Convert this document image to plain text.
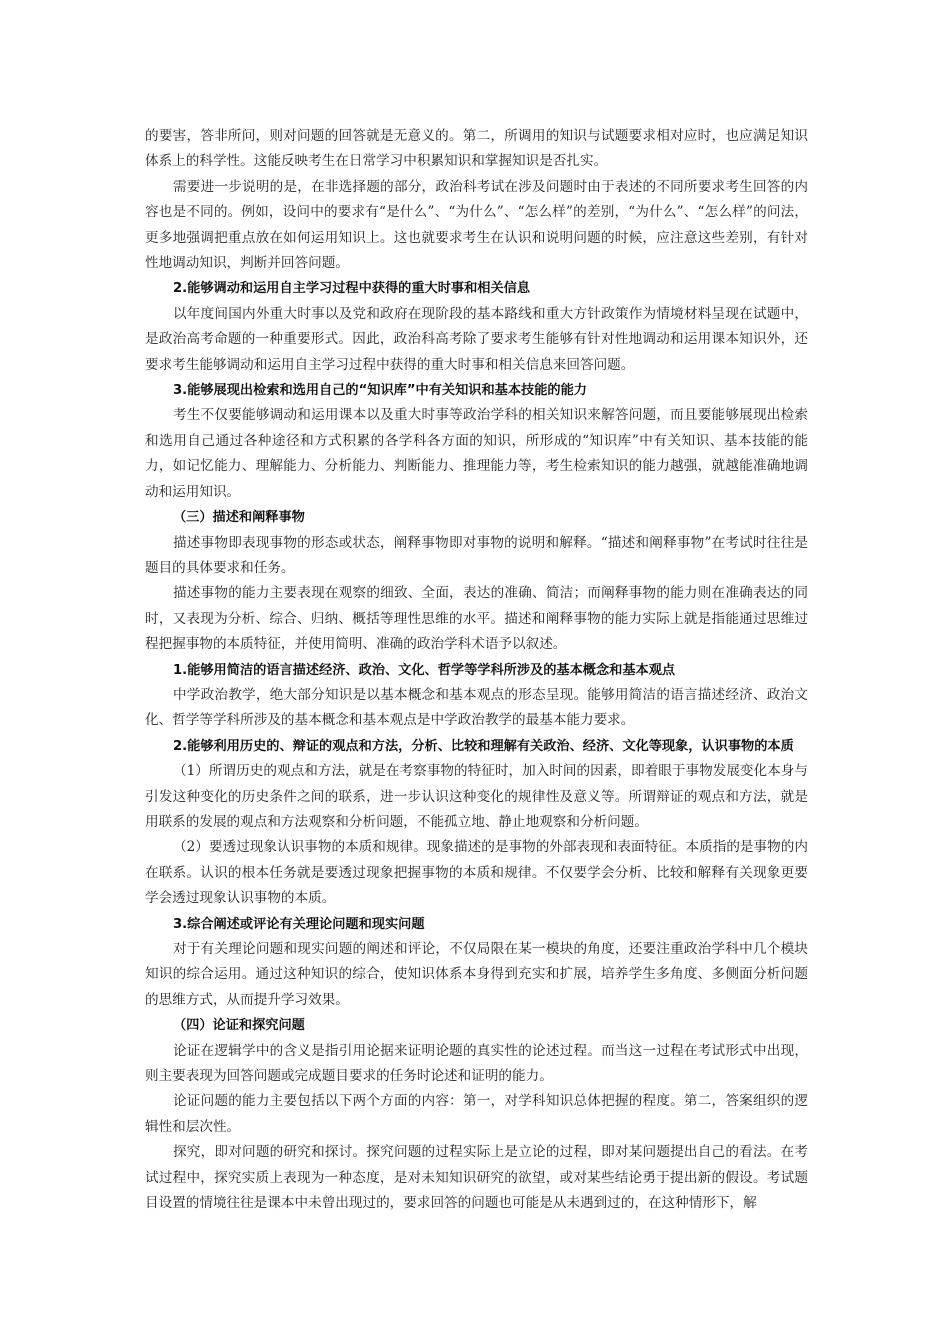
的要害，答非所问，则对问题的回答就是无意义的。第二，所调用的知识与试题要求相对应时，也应满足知识体系上的科学性。这能反映考生在日常学习中积累知识和掌握知识是否扎实。

需要进一步说明的是，在非选择题的部分，政治科考试在涉及问题时由于表述的不同所要求考生回答的内容也是不同的。例如，设问中的要求有“是什么”、“为什么”、“怎么样”的差别，“为什么”、“怎么样”的问法，更多地强调把重点放在如何运用知识上。这也就要求考生在认识和说明问题的时候，应注意这些差别，有针对性地调动知识，判断并回答问题。

2.能够调动和运用自主学习过程中获得的重大时事和相关信息

以年度间国内外重大时事以及党和政府在现阶段的基本路线和重大方针政策作为情境材料呈现在试题中，是政治高考命题的一种重要形式。因此，政治科高考除了要求考生能够有针对性地调动和运用课本知识外，还要求考生能够调动和运用自主学习过程中获得的重大时事和相关信息来回答问题。

3.能够展现出检索和选用自己的“知识库”中有关知识和基本技能的能力

考生不仅要能够调动和运用课本以及重大时事等政治学科的相关知识来解答问题，而且要能够展现出检索和选用自己通过各种途径和方式积累的各学科各方面的知识，所形成的“知识库”中有关知识、基本技能的能力，如记忆能力、理解能力、分析能力、判断能力、推理能力等，考生检索知识的能力越强，就越能准确地调动和运用知识。

（三）描述和阐释事物

描述事物即表现事物的形态或状态，阐释事物即对事物的说明和解释。“描述和阐释事物”在考试时往往是题目的具体要求和任务。

描述事物的能力主要表现在观察的细致、全面，表达的准确、简洁；而阐释事物的能力则在准确表达的同时，又表现为分析、综合、归纳、概括等理性思维的水平。描述和阐释事物的能力实际上就是指能通过思维过程把握事物的本质特征，并使用简明、准确的政治学科术语予以叙述。

1.能够用简洁的语言描述经济、政治、文化、哲学等学科所涉及的基本概念和基本观点

中学政治教学，绝大部分知识是以基本概念和基本观点的形态呈现。能够用简洁的语言描述经济、政治文化、哲学等学科所涉及的基本概念和基本观点是中学政治教学的最基本能力要求。

2.能够利用历史的、辩证的观点和方法，分析、比较和理解有关政治、经济、文化等现象，认识事物的本质

（1）所谓历史的观点和方法，就是在考察事物的特征时，加入时间的因素，即着眼于事物发展变化本身与引发这种变化的历史条件之间的联系，进一步认识这种变化的规律性及意义等。所谓辩证的观点和方法，就是用联系的发展的观点和方法观察和分析问题，不能孤立地、静止地观察和分析问题。

（2）要透过现象认识事物的本质和规律。现象描述的是事物的外部表现和表面特征。本质指的是事物的内在联系。认识的根本任务就是要透过现象把握事物的本质和规律。不仅要学会分析、比较和解释有关现象更要学会透过现象认识事物的本质。

3.综合阐述或评论有关理论问题和现实问题

对于有关理论问题和现实问题的阐述和评论，不仅局限在某一模块的角度，还要注重政治学科中几个模块知识的综合运用。通过这种知识的综合，使知识体系本身得到充实和扩展，培养学生多角度、多侧面分析问题的思维方式，从而提升学习效果。

（四）论证和探究问题

论证在逻辑学中的含义是指引用论据来证明论题的真实性的论述过程。而当这一过程在考试形式中出现，则主要表现为回答问题或完成题目要求的任务时论述和证明的能力。

论证问题的能力主要包括以下两个方面的内容：第一，对学科知识总体把握的程度。第二，答案组织的逻辑性和层次性。

探究，即对问题的研究和探讨。探究问题的过程实际上是立论的过程，即对某问题提出自己的看法。在考试过程中，探究实质上表现为一种态度，是对未知知识研究的欲望，或对某些结论勇于提出新的假设。考试题目设置的情境往往是课本中未曾出现过的，要求回答的问题也可能是从未遇到过的，在这种情形下，解
